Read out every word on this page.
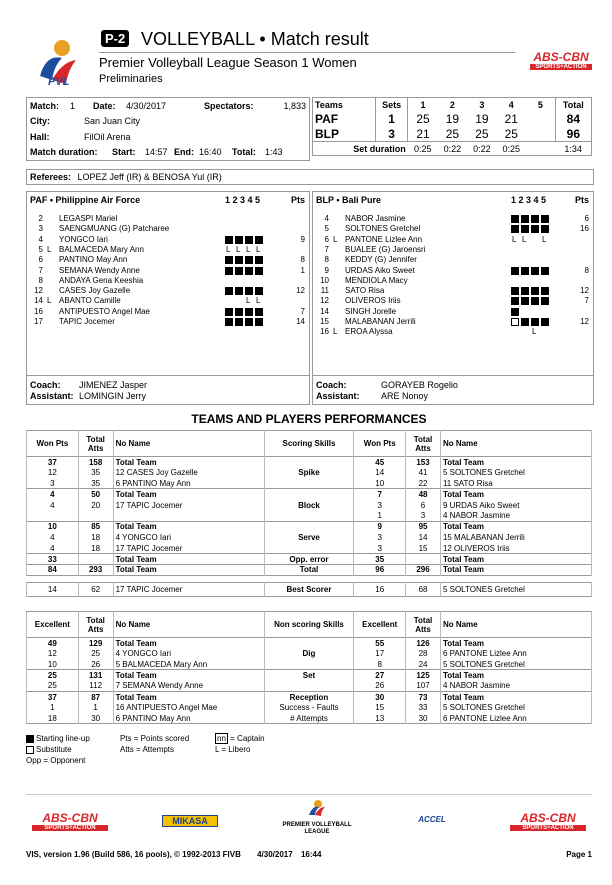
PVL
P-2 VOLLEYBALL • Match result
Premier Volleyball League Season 1 Women
Preliminaries
ABS-CBN
SPORTS+ACTION
Match: 1 Date: 4/30/2017	Spectators:	1,833
City:	San Juan City
Hall:	FilOil Arena
Match duration: Start: 14:57 End: 16:40 Total: 1:43
Teams	Sets	1	2	3	4	5	Total
PAF	1	25	19	19	21		84
BLP	3	21	25	25	25		96
Set duration		0:25	0:22	0:22	0:25		1:34
Referees: LOPEZ Jeff (IR) & BENOSA Yul (IR)
PAF • Philippine Air Force	1 2 3 4 5	Pts
2 LEGASPI Mariel
3 SAENGMUANG (G) Patcharee
4 YONGCO Iari	9
5 L BALMACEDA Mary Ann	L L L L
6 PANTINO May Ann	8
7 SEMANA Wendy Anne	1
8 ANDAYA Gena Keeshia
12 CASES Joy Gazelle	12
14 L ABANTO Camille	L L
16 ANTIPUESTO Angel Mae	7
17 TAPIC Jocemer	14
Coach: JIMENEZ Jasper
Assistant: LOMINGIN Jerry
BLP • Bali Pure	1 2 3 4 5	Pts
4 NABOR Jasmine	6
5 SOLTONES Gretchel	16
6 L PANTONE Lizlee Ann	L L L
7 BUALEE (G) Jaroensri
8 KEDDY (G) Jennifer
9 URDAS Aiko Sweet	8
10 MENDIOLA Macy
11 SATO Risa	12
12 OLIVEROS Iriis	7
14 SINGH Jorelle
15 MALABANAN Jerrili	12
16 L EROA Alyssa	L
Coach:	GORAYEB Rogelio
Assistant: ARE Nonoy
TEAMS AND PLAYERS PERFORMANCES
Won Pts	Total Atts	No Name	Scoring Skills	Won Pts	Total Atts	No Name
37	158	Total Team		45	153	Total Team
12	35	12 CASES Joy Gazelle	Spike	14	41	5 SOLTONES Gretchel
3	35	6 PANTINO May Ann		10	22	11 SATO Risa
4	50	Total Team		7	48	Total Team
4	20	17 TAPIC Jocemer	Block	3	6	9 URDAS Aiko Sweet
				1	3	4 NABOR Jasmine
10	85	Total Team		9	95	Total Team
4	18	4 YONGCO Iari	Serve	3	14	15 MALABANAN Jerrili
4	18	17 TAPIC Jocemer		3	15	12 OLIVEROS Iriis
33		Total Team	Opp. error	35		Total Team
84	293	Total Team	Total	96	296	Total Team
14	62	17 TAPIC Jocemer	Best Scorer	16	68	5 SOLTONES Gretchel
Excellent	Total Atts	No Name	Non scoring Skills	Excellent	Total Atts	No Name
49	129	Total Team		55	126	Total Team
12	25	4 YONGCO Iari	Dig	17	28	6 PANTONE Lizlee Ann
10	26	5 BALMACEDA Mary Ann		8	24	5 SOLTONES Gretchel
25	131	Total Team	Set	27	125	Total Team
25	112	7 SEMANA Wendy Anne		26	107	4 NABOR Jasmine
37	87	Total Team	Reception	30	73	Total Team
1	1	16 ANTIPUESTO Angel Mae	Success - Faults	15	33	5 SOLTONES Gretchel
18	30	6 PANTINO May Ann	# Attempts	13	30	6 PANTONE Lizlee Ann
Starting line-up
Substitute
Opp = Opponent
Pts = Points scored
Atts = Attempts
nn = Captain
L = Libero
ABS-CBN
SPORTS+ACTION
MIKASA	PREMIER VOLLEYBALL LEAGUE
ACCEL	ABS-CBN
SPORTS+ACTION
VIS, version 1.96 (Build 586, 16 pools), © 1992-2013 FIVB 4/30/2017 16:44	Page 1
